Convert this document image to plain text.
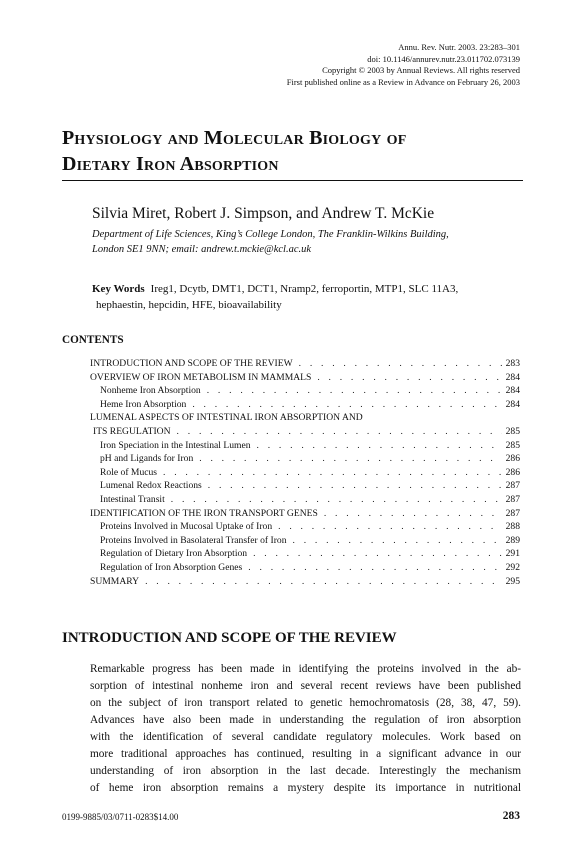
Annu. Rev. Nutr. 2003. 23:283–301
doi: 10.1146/annurev.nutr.23.011702.073139
Copyright © 2003 by Annual Reviews. All rights reserved
First published online as a Review in Advance on February 26, 2003
Physiology and Molecular Biology of
Dietary Iron Absorption
Silvia Miret, Robert J. Simpson, and Andrew T. McKie
Department of Life Sciences, King’s College London, The Franklin-Wilkins Building,
London SE1 9NN; email: andrew.t.mckie@kcl.ac.uk
Key Words Ireg1, Dcytb, DMT1, DCT1, Nramp2, ferroportin, MTP1, SLC 11A3,
hephaestin, hepcidin, HFE, bioavailability
CONTENTS
INTRODUCTION AND SCOPE OF THE REVIEW . . .	283
OVERVIEW OF IRON METABOLISM IN MAMMALS . . .	284
Nonheme Iron Absorption . . .	284
Heme Iron Absorption . . .	284
LUMENAL ASPECTS OF INTESTINAL IRON ABSORPTION AND
ITS REGULATION . . .	285
Iron Speciation in the Intestinal Lumen . . .	285
pH and Ligands for Iron . . .	286
Role of Mucus . . .	286
Lumenal Redox Reactions . . .	287
Intestinal Transit . . .	287
IDENTIFICATION OF THE IRON TRANSPORT GENES . . .	287
Proteins Involved in Mucosal Uptake of Iron . . .	288
Proteins Involved in Basolateral Transfer of Iron . . .	289
Regulation of Dietary Iron Absorption . . .	291
Regulation of Iron Absorption Genes . . .	292
SUMMARY . . .	295
INTRODUCTION AND SCOPE OF THE REVIEW
Remarkable progress has been made in identifying the proteins involved in the ab-
sorption of intestinal nonheme iron and several recent reviews have been published
on the subject of iron transport related to genetic hemochromatosis (28, 38, 47, 59).
Advances have also been made in understanding the regulation of iron absorption
with the identification of several candidate regulatory molecules. Work based on
more traditional approaches has continued, resulting in a significant advance in our
understanding of iron absorption in the last decade. Interestingly the mechanism
of heme iron absorption remains a mystery despite its importance in nutritional
0199-9885/03/0711-0283$14.00	283
